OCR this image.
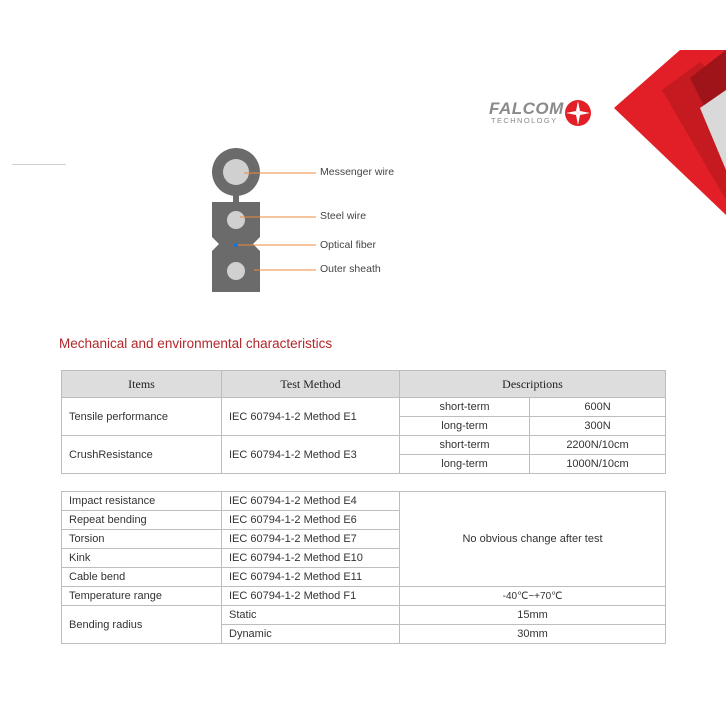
FALCOM
TECHNOLOGY
Messenger wire
Steel wire
Optical fiber
Outer sheath
Mechanical and environmental characteristics
Items	Test Method	Descriptions	
Tensile performance	IEC 60794-1-2 Method E1	short-term	600N
		long-term	300N
CrushResistance	IEC 60794-1-2 Method E3	short-term	2200N/10cm
		long-term	1000N/10cm
Impact resistance	IEC 60794-1-2 Method E4	No obvious change after test
Repeat bending	IEC 60794-1-2 Method E6	
Torsion	IEC 60794-1-2 Method E7	
Kink	IEC 60794-1-2 Method E10	
Cable bend	IEC 60794-1-2 Method E11	
Temperature range	IEC 60794-1-2 Method F1	-40℃~+70℃
Bending radius	Static	15mm
	Dynamic	30mm
